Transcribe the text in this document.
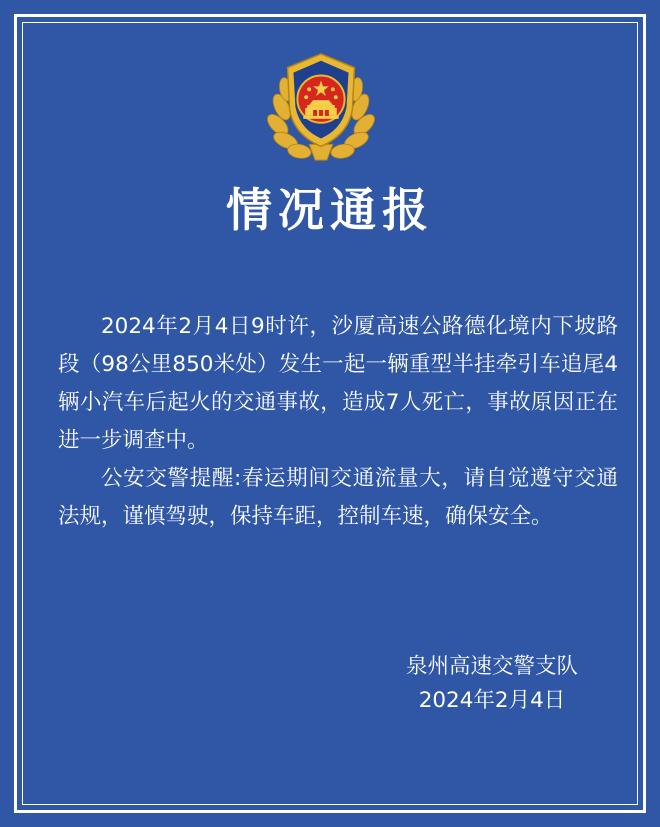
情况通报

2024年2月4日9时许，沙厦高速公路德化境内下坡路段（98公里850米处）发生一起一辆重型半挂牵引车追尾4辆小汽车后起火的交通事故，造成7人死亡，事故原因正在进一步调查中。

公安交警提醒:春运期间交通流量大，请自觉遵守交通法规，谨慎驾驶，保持车距，控制车速，确保安全。

泉州高速交警支队
2024年2月4日
